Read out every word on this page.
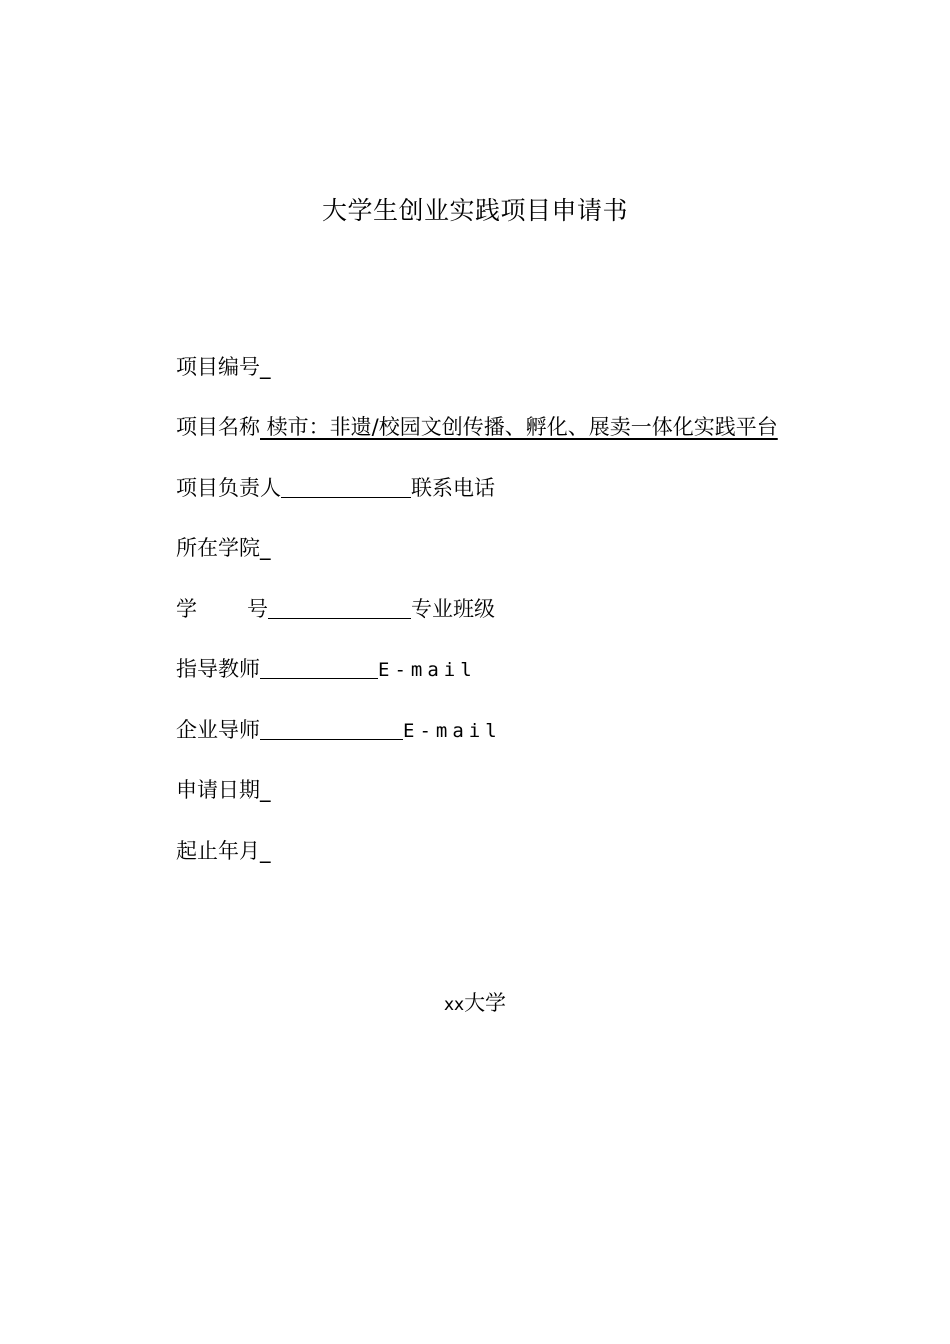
大学生创业实践项目申请书
项目编号_
项目名称 椟市：非遗/校园文创传播、孵化、展卖一体化实践平台
项目负责人	联系电话
所在学院_
学 号	专业班级
指导教师	E-mail
企业导师	E-mail
申请日期_
起止年月_
xx大学
